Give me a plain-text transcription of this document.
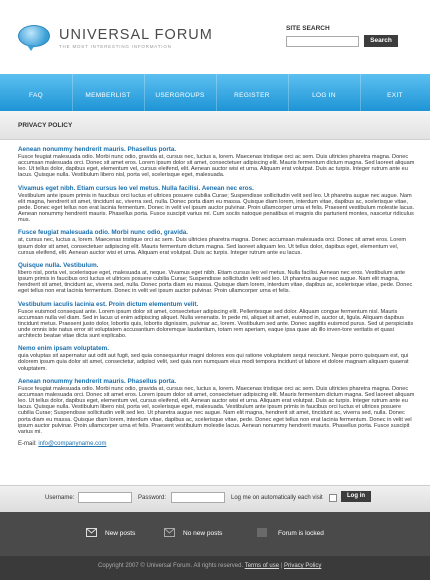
UNIVERSAL FORUM
THE MOST INTERESTING INFORMATION
SITE SEARCH
Search
FAQ	MEMBERLIST	USERGROUPS	REGISTER	LOG IN	EXIT
PRIVACY POLICY
Aenean nonummy hendrerit mauris. Phasellus porta.

Fusce feugiat malesuada odio. Morbi nunc odio, gravida at, cursus nec, luctus a, lorem. Maecenas tristique orci ac sem. Duis ultricies pharetra magna. Donec accumsan malesuada orci. Donec sit amet eros. Lorem ipsum dolor sit amet, consectetuer adipiscing elit. Mauris fermentum dictum magna. Sed laoreet aliquam leo. Ut tellus dolor, dapibus eget, elementum vel, cursus eleifend, elit. Aenean auctor wisi et urna. Aliquam erat volutpat. Duis ac turpis. Integer rutrum ante eu lacus. Quisque nulla. Vestibulum libero nisl, porta vel, scelerisque eget, malesuada.

Vivamus eget nibh. Etiam cursus leo vel metus. Nulla facilisi. Aenean nec eros.

Vestibulum ante ipsum primis in faucibus orci luctus et ultrices posuere cubilia Curae; Suspendisse sollicitudin velit sed leo. Ut pharetra augue nec augue. Nam elit magna, hendrerit sit amet, tincidunt ac, viverra sed, nulla. Donec porta diam eu massa. Quisque diam lorem, interdum vitae, dapibus ac, scelerisque vitae, pede. Donec eget tellus non erat lacinia fermentum. Donec in velit vel ipsum auctor pulvinar. Proin ullamcorper urna et felis. Praesent vestibulum molestie lacus. Aenean nonummy hendrerit mauris. Phasellus porta. Fusce suscipit varius mi. Cum sociis natoque penatibus et magnis dis parturient montes, nascetur ridiculus mus.

Fusce feugiat malesuada odio. Morbi nunc odio, gravida.

at, cursus nec, luctus a, lorem. Maecenas tristique orci ac sem. Duis ultricies pharetra magna. Donec accumsan malesuada orci. Donec sit amet eros. Lorem ipsum dolor sit amet, consectetuer adipiscing elit. Mauris fermentum dictum magna. Sed laoreet aliquam leo. Ut tellus dolor, dapibus eget, elementum vel, cursus eleifend, elit. Aenean auctor wisi et urna. Aliquam erat volutpat. Duis ac turpis. Integer rutrum ante eu lacus.

Quisque nulla. Vestibulum.

libero nisl, porta vel, scelerisque eget, malesuada at, neque. Vivamus eget nibh. Etiam cursus leo vel metus. Nulla facilisi. Aenean nec eros. Vestibulum ante ipsum primis in faucibus orci luctus et ultrices posuere cubilia Curae; Suspendisse sollicitudin velit sed leo. Ut pharetra augue nec augue. Nam elit magna, hendrerit sit amet, tincidunt ac, viverra sed, nulla. Donec porta diam eu massa. Quisque diam lorem, interdum vitae, dapibus ac, scelerisque vitae, pede. Donec eget tellus non erat lacinia fermentum. Donec in velit vel ipsum auctor pulvinar. Proin ullamcorper urna et felis.

Vestibulum iaculis lacinia est. Proin dictum elementum velit.

Fusce euismod consequat ante. Lorem ipsum dolor sit amet, consectetuer adipiscing elit. Pellentesque sed dolor. Aliquam congue fermentum nisl. Mauris accumsan nulla vel diam. Sed in lacus ut enim adipiscing aliquet. Nulla venenatis. In pede mi, aliquet sit amet, euismod in, auctor ut, ligula. Aliquam dapibus tincidunt metus. Praesent justo dolor, lobortis quis, lobortis dignissim, pulvinar ac, lorem. Vestibulum sed ante. Donec sagittis euismod purus. Sed ut perspiciatis unde omnis iste natus error sit voluptatem accusantium doloremque laudantium, totam rem aperiam, eaque ipsa quae ab illo inven-tore veritatis et quasi architecto beatae vitae dicta sunt explicabo.

Nemo enim ipsam voluptatem.

quia voluptas sit aspernatur aut odit aut fugit, sed quia consequuntur magni dolores eos qui ratione voluptatem sequi nesciunt. Neque porro quisquam est, qui dolorem ipsum quia dolor sit amet, consectetur, adipisci velit, sed quia non numquam eius modi tempora incidunt ut labore et dolore magnam aliquam quaerat voluptatem.

Aenean nonummy hendrerit mauris. Phasellus porta.

Fusce feugiat malesuada odio. Morbi nunc odio, gravida at, cursus nec, luctus a, lorem. Maecenas tristique orci ac sem. Duis ultricies pharetra magna. Donec accumsan malesuada orci. Donec sit amet eros. Lorem ipsum dolor sit amet, consectetuer adipiscing elit. Mauris fermentum dictum magna. Sed laoreet aliquam leo. Ut tellus dolor, dapibus eget, elementum vel, cursus eleifend, elit. Aenean auctor wisi et urna. Aliquam erat volutpat. Duis ac turpis. Integer rutrum ante eu lacus. Quisque nulla. Vestibulum libero nisl, porta vel, scelerisque eget, malesuada. Vestibulum ante ipsum primis in faucibus orci luctus et ultrices posuere cubilia Curae; Suspendisse sollicitudin velit sed leo. Ut pharetra augue nec augue. Nam elit magna, hendrerit sit amet, tincidunt ac, viverra sed, nulla. Donec porta diam eu massa. Quisque diam lorem, interdum vitae, dapibus ac, scelerisque vitae, pede. Donec eget tellus non erat lacinia fermentum. Donec in velit vel ipsum auctor pulvinar. Proin ullamcorper urna et felis. Praesent vestibulum molestie lacus. Aenean nonummy hendrerit mauris. Phasellus porta. Fusce suscipit varius mi.

E-mail: info@companyname.com
Username:	Password:	Log me on automatically each visit	Log in
New posts	No new posts	Forum is locked
Copyright 2007 © Universal Forum. All rights reserved. Terms of use | Privacy Policy
